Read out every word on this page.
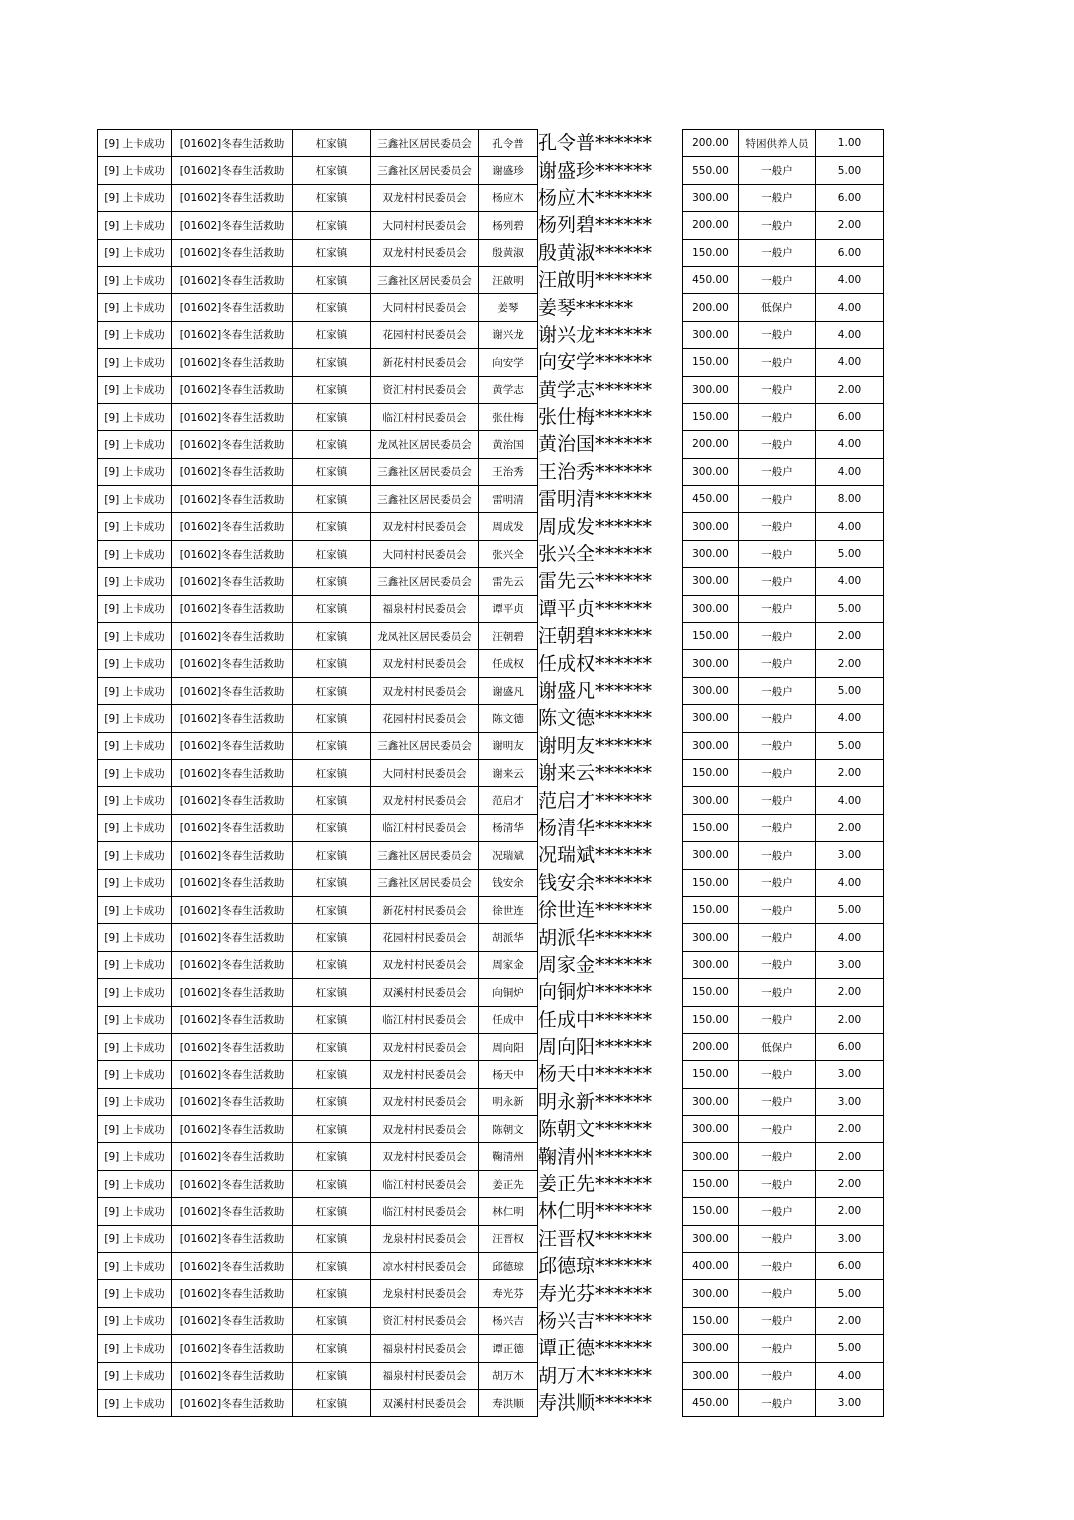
[9] 上卡成功	[01602]冬春生活救助	杠家镇	三鑫社区居民委员会	孔令普	孔令普******	200.00	特困供养人员	1.00
[9] 上卡成功	[01602]冬春生活救助	杠家镇	三鑫社区居民委员会	谢盛珍	谢盛珍******	550.00	一般户	5.00
[9] 上卡成功	[01602]冬春生活救助	杠家镇	双龙村村民委员会	杨应木	杨应木******	300.00	一般户	6.00
[9] 上卡成功	[01602]冬春生活救助	杠家镇	大同村村民委员会	杨列碧	杨列碧******	200.00	一般户	2.00
[9] 上卡成功	[01602]冬春生活救助	杠家镇	双龙村村民委员会	殷黄淑	殷黄淑******	150.00	一般户	6.00
[9] 上卡成功	[01602]冬春生活救助	杠家镇	三鑫社区居民委员会	汪啟明	汪啟明******	450.00	一般户	4.00
[9] 上卡成功	[01602]冬春生活救助	杠家镇	大同村村民委员会	姜琴	姜琴******	200.00	低保户	4.00
[9] 上卡成功	[01602]冬春生活救助	杠家镇	花园村村民委员会	谢兴龙	谢兴龙******	300.00	一般户	4.00
[9] 上卡成功	[01602]冬春生活救助	杠家镇	新花村村民委员会	向安学	向安学******	150.00	一般户	4.00
[9] 上卡成功	[01602]冬春生活救助	杠家镇	资汇村村民委员会	黄学志	黄学志******	300.00	一般户	2.00
[9] 上卡成功	[01602]冬春生活救助	杠家镇	临江村村民委员会	张仕梅	张仕梅******	150.00	一般户	6.00
[9] 上卡成功	[01602]冬春生活救助	杠家镇	龙凤社区居民委员会	黄治国	黄治国******	200.00	一般户	4.00
[9] 上卡成功	[01602]冬春生活救助	杠家镇	三鑫社区居民委员会	王治秀	王治秀******	300.00	一般户	4.00
[9] 上卡成功	[01602]冬春生活救助	杠家镇	三鑫社区居民委员会	雷明清	雷明清******	450.00	一般户	8.00
[9] 上卡成功	[01602]冬春生活救助	杠家镇	双龙村村民委员会	周成发	周成发******	300.00	一般户	4.00
[9] 上卡成功	[01602]冬春生活救助	杠家镇	大同村村民委员会	张兴全	张兴全******	300.00	一般户	5.00
[9] 上卡成功	[01602]冬春生活救助	杠家镇	三鑫社区居民委员会	雷先云	雷先云******	300.00	一般户	4.00
[9] 上卡成功	[01602]冬春生活救助	杠家镇	福泉村村民委员会	谭平贞	谭平贞******	300.00	一般户	5.00
[9] 上卡成功	[01602]冬春生活救助	杠家镇	龙凤社区居民委员会	汪朝碧	汪朝碧******	150.00	一般户	2.00
[9] 上卡成功	[01602]冬春生活救助	杠家镇	双龙村村民委员会	任成权	任成权******	300.00	一般户	2.00
[9] 上卡成功	[01602]冬春生活救助	杠家镇	双龙村村民委员会	谢盛凡	谢盛凡******	300.00	一般户	5.00
[9] 上卡成功	[01602]冬春生活救助	杠家镇	花园村村民委员会	陈文德	陈文德******	300.00	一般户	4.00
[9] 上卡成功	[01602]冬春生活救助	杠家镇	三鑫社区居民委员会	谢明友	谢明友******	300.00	一般户	5.00
[9] 上卡成功	[01602]冬春生活救助	杠家镇	大同村村民委员会	谢来云	谢来云******	150.00	一般户	2.00
[9] 上卡成功	[01602]冬春生活救助	杠家镇	双龙村村民委员会	范启才	范启才******	300.00	一般户	4.00
[9] 上卡成功	[01602]冬春生活救助	杠家镇	临江村村民委员会	杨清华	杨清华******	150.00	一般户	2.00
[9] 上卡成功	[01602]冬春生活救助	杠家镇	三鑫社区居民委员会	况瑞斌	况瑞斌******	300.00	一般户	3.00
[9] 上卡成功	[01602]冬春生活救助	杠家镇	三鑫社区居民委员会	钱安余	钱安余******	150.00	一般户	4.00
[9] 上卡成功	[01602]冬春生活救助	杠家镇	新花村村民委员会	徐世连	徐世连******	150.00	一般户	5.00
[9] 上卡成功	[01602]冬春生活救助	杠家镇	花园村村民委员会	胡派华	胡派华******	300.00	一般户	4.00
[9] 上卡成功	[01602]冬春生活救助	杠家镇	双龙村村民委员会	周家金	周家金******	300.00	一般户	3.00
[9] 上卡成功	[01602]冬春生活救助	杠家镇	双溪村村民委员会	向铜炉	向铜炉******	150.00	一般户	2.00
[9] 上卡成功	[01602]冬春生活救助	杠家镇	临江村村民委员会	任成中	任成中******	150.00	一般户	2.00
[9] 上卡成功	[01602]冬春生活救助	杠家镇	双龙村村民委员会	周向阳	周向阳******	200.00	低保户	6.00
[9] 上卡成功	[01602]冬春生活救助	杠家镇	双龙村村民委员会	杨天中	杨天中******	150.00	一般户	3.00
[9] 上卡成功	[01602]冬春生活救助	杠家镇	双龙村村民委员会	明永新	明永新******	300.00	一般户	3.00
[9] 上卡成功	[01602]冬春生活救助	杠家镇	双龙村村民委员会	陈朝文	陈朝文******	300.00	一般户	2.00
[9] 上卡成功	[01602]冬春生活救助	杠家镇	双龙村村民委员会	鞠清州	鞠清州******	300.00	一般户	2.00
[9] 上卡成功	[01602]冬春生活救助	杠家镇	临江村村民委员会	姜正先	姜正先******	150.00	一般户	2.00
[9] 上卡成功	[01602]冬春生活救助	杠家镇	临江村村民委员会	林仁明	林仁明******	150.00	一般户	2.00
[9] 上卡成功	[01602]冬春生活救助	杠家镇	龙泉村村民委员会	汪晋权	汪晋权******	300.00	一般户	3.00
[9] 上卡成功	[01602]冬春生活救助	杠家镇	凉水村村民委员会	邱德琼	邱德琼******	400.00	一般户	6.00
[9] 上卡成功	[01602]冬春生活救助	杠家镇	龙泉村村民委员会	寿光芬	寿光芬******	300.00	一般户	5.00
[9] 上卡成功	[01602]冬春生活救助	杠家镇	资汇村村民委员会	杨兴吉	杨兴吉******	150.00	一般户	2.00
[9] 上卡成功	[01602]冬春生活救助	杠家镇	福泉村村民委员会	谭正德	谭正德******	300.00	一般户	5.00
[9] 上卡成功	[01602]冬春生活救助	杠家镇	福泉村村民委员会	胡万木	胡万木******	300.00	一般户	4.00
[9] 上卡成功	[01602]冬春生活救助	杠家镇	双溪村村民委员会	寿洪顺	寿洪顺******	450.00	一般户	3.00
